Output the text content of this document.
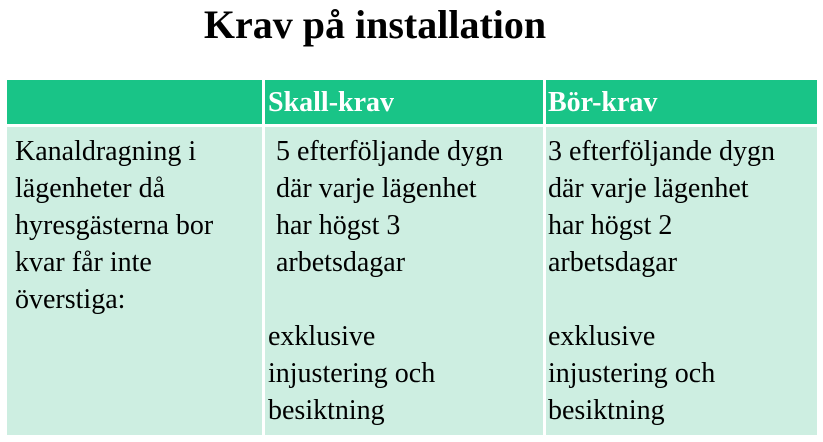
Krav på installation
Skall-krav	Bör-krav
Kanaldragning i
lägenheter då
hyresgästerna bor
kvar får inte
överstiga:
5 efterföljande dygn
där varje lägenhet
har högst 3
arbetsdagar
exklusive
injustering och
besiktning
3 efterföljande dygn
där varje lägenhet
har högst 2
arbetsdagar
exklusive
injustering och
besiktning
